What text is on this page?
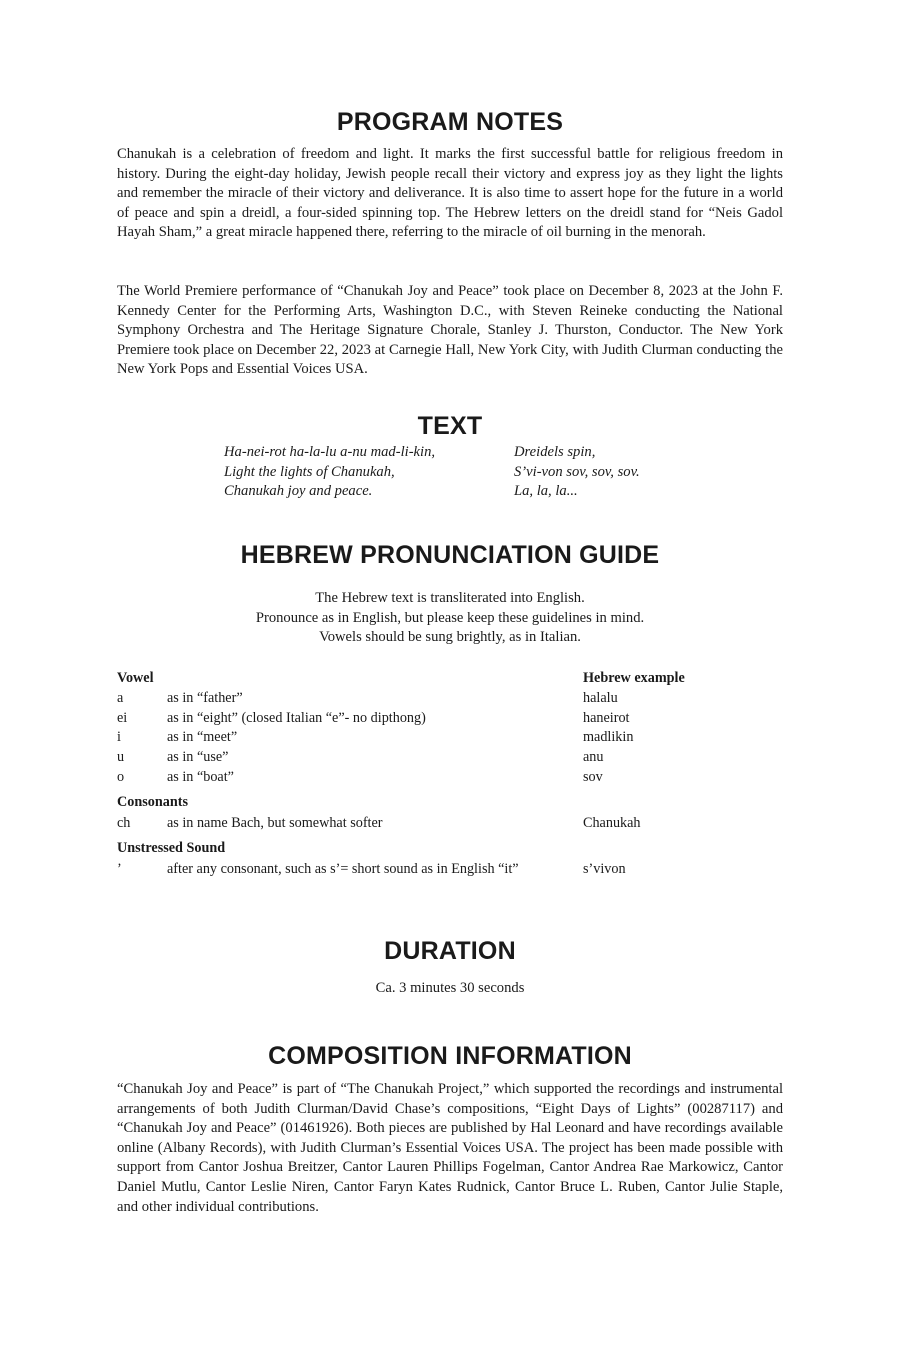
PROGRAM NOTES

Chanukah is a celebration of freedom and light. It marks the first successful battle for religious freedom in history. During the eight-day holiday, Jewish people recall their victory and express joy as they light the lights and remember the miracle of their victory and deliverance. It is also time to assert hope for the future in a world of peace and spin a dreidl, a four-sided spinning top. The Hebrew letters on the dreidl stand for “Neis Gadol Hayah Sham,” a great miracle happened there, referring to the miracle of oil burning in the menorah.

The World Premiere performance of “Chanukah Joy and Peace” took place on December 8, 2023 at the John F. Kennedy Center for the Performing Arts, Washington D.C., with Steven Reineke conducting the National Symphony Orchestra and The Heritage Signature Chorale, Stanley J. Thurston, Conductor. The New York Premiere took place on December 22, 2023 at Carnegie Hall, New York City, with Judith Clurman conducting the New York Pops and Essential Voices USA.

TEXT
Ha-nei-rot ha-la-lu a-nu mad-li-kin,
Light the lights of Chanukah,
Chanukah joy and peace.
Dreidels spin,
S’vi-von sov, sov, sov.
La, la, la...
HEBREW PRONUNCIATION GUIDE
The Hebrew text is transliterated into English.
Pronounce as in English, but please keep these guidelines in mind.
Vowels should be sung brightly, as in Italian.
Vowel	Hebrew example
a	as in “father”	halalu
ei	as in “eight” (closed Italian “e”- no dipthong)	haneirot
i	as in “meet”	madlikin
u	as in “use”	anu
o	as in “boat”	sov
Consonants
ch	as in name Bach, but somewhat softer	Chanukah
Unstressed Sound
’	after any consonant, such as s’= short sound as in English “it”	s’vivon
DURATION
Ca. 3 minutes 30 seconds
COMPOSITION INFORMATION

“Chanukah Joy and Peace” is part of “The Chanukah Project,” which supported the recordings and instrumental arrangements of both Judith Clurman/David Chase’s compositions, “Eight Days of Lights” (00287117) and “Chanukah Joy and Peace” (01461926). Both pieces are published by Hal Leonard and have recordings available online (Albany Records), with Judith Clurman’s Essential Voices USA. The project has been made possible with support from Cantor Joshua Breitzer, Cantor Lauren Phillips Fogelman, Cantor Andrea Rae Markowicz, Cantor Daniel Mutlu, Cantor Leslie Niren, Cantor Faryn Kates Rudnick, Cantor Bruce L. Ruben, Cantor Julie Staple, and other individual contributions.
